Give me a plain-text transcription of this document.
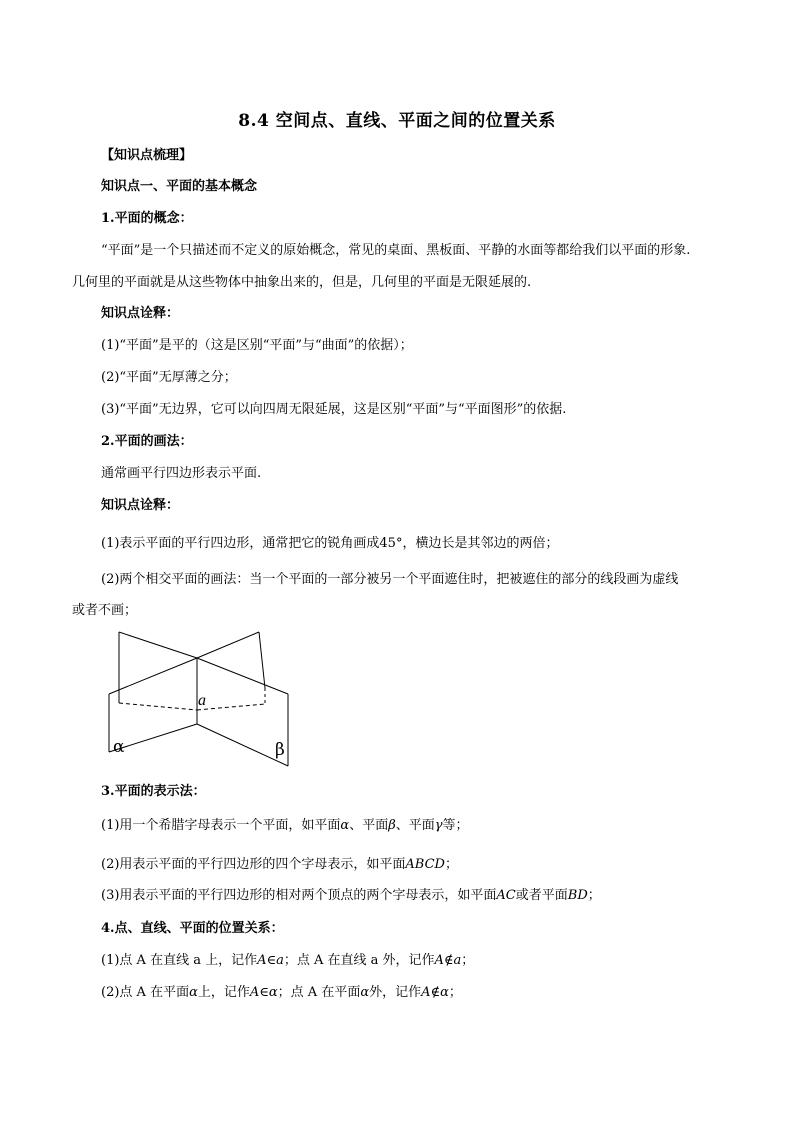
8.4 空间点、直线、平面之间的位置关系
【知识点梳理】
知识点一、平面的基本概念
1.平面的概念：
“平面”是一个只描述而不定义的原始概念，常见的桌面、黑板面、平静的水面等都给我们以平面的形象.
几何里的平面就是从这些物体中抽象出来的，但是，几何里的平面是无限延展的.
知识点诠释：
(1)“平面”是平的（这是区别“平面”与“曲面”的依据）；
(2)“平面”无厚薄之分；
(3)“平面”无边界，它可以向四周无限延展，这是区别“平面”与“平面图形”的依据.
2.平面的画法：
通常画平行四边形表示平面.
知识点诠释：
(1)表示平面的平行四边形，通常把它的锐角画成45°，横边长是其邻边的两倍；
(2)两个相交平面的画法：当一个平面的一部分被另一个平面遮住时，把被遮住的部分的线段画为虚线
或者不画；
a
α	β
3.平面的表示法：
(1)用一个希腊字母表示一个平面，如平面α、平面β、平面γ等；
(2)用表示平面的平行四边形的四个字母表示，如平面ABCD；
(3)用表示平面的平行四边形的相对两个顶点的两个字母表示，如平面AC或者平面BD；
4.点、直线、平面的位置关系：
(1)点 A 在直线 a 上，记作A∈a；点 A 在直线 a 外，记作A∉a；
(2)点 A 在平面α上，记作A∈α；点 A 在平面α外，记作A∉α；
